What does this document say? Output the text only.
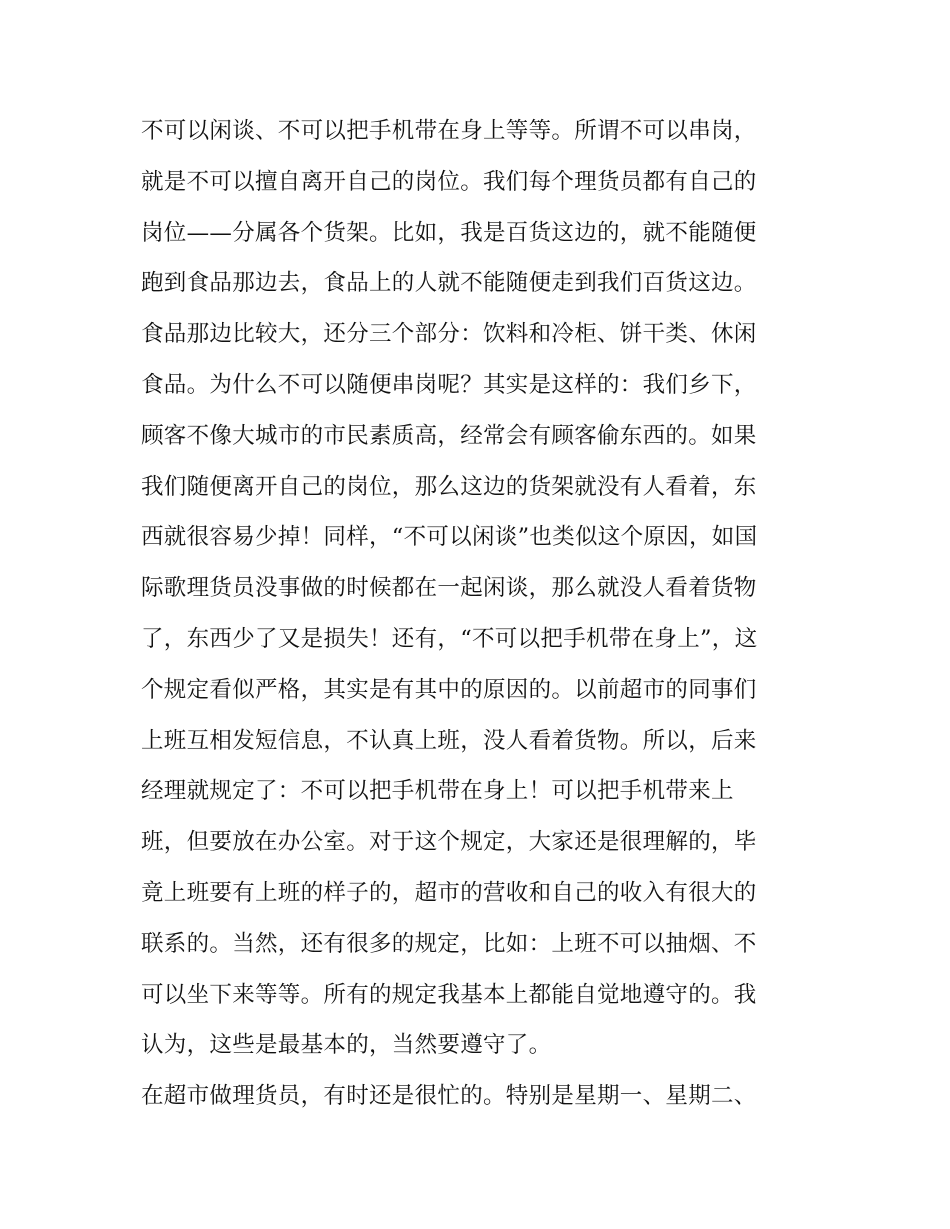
不可以闲谈、不可以把手机带在身上等等。所谓不可以串岗，
就是不可以擅自离开自己的岗位。我们每个理货员都有自己的
岗位——分属各个货架。比如，我是百货这边的，就不能随便
跑到食品那边去，食品上的人就不能随便走到我们百货这边。
食品那边比较大，还分三个部分：饮料和冷柜、饼干类、休闲
食品。为什么不可以随便串岗呢？其实是这样的：我们乡下，
顾客不像大城市的市民素质高，经常会有顾客偷东西的。如果
我们随便离开自己的岗位，那么这边的货架就没有人看着，东
西就很容易少掉！同样，“不可以闲谈”也类似这个原因，如国
际歌理货员没事做的时候都在一起闲谈，那么就没人看着货物
了，东西少了又是损失！还有，“不可以把手机带在身上”，这
个规定看似严格，其实是有其中的原因的。以前超市的同事们
上班互相发短信息，不认真上班，没人看着货物。所以，后来
经理就规定了：不可以把手机带在身上！可以把手机带来上
班，但要放在办公室。对于这个规定，大家还是很理解的，毕
竟上班要有上班的样子的，超市的营收和自己的收入有很大的
联系的。当然，还有很多的规定，比如：上班不可以抽烟、不
可以坐下来等等。所有的规定我基本上都能自觉地遵守的。我
认为，这些是最基本的，当然要遵守了。
在超市做理货员，有时还是很忙的。特别是星期一、星期二、
